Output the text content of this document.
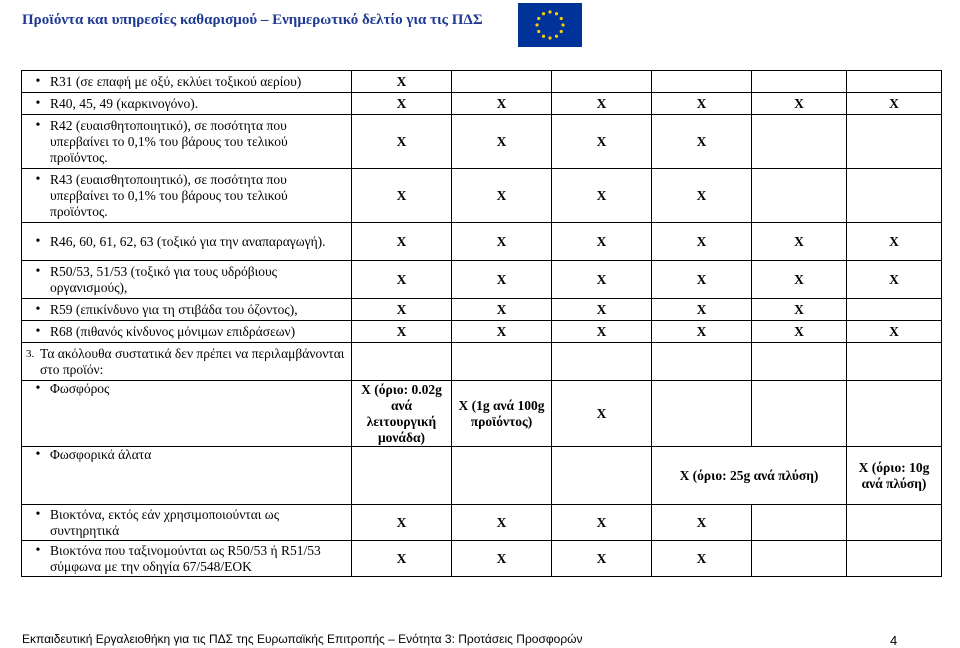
Προϊόντα και υπηρεσίες καθαρισμού – Ενημερωτικό δελτίο για τις ΠΔΣ
• R31 (σε επαφή με οξύ, εκλύει τοξικού αερίου)	X					

• R40, 45, 49 (καρκινογόνο).	X	X	X	X	X	X

• R42 (ευαισθητοποιητικό), σε ποσότητα που υπερβαίνει το 0,1% του βάρους του τελικού προϊόντος.	X	X	X	X		

• R43 (ευαισθητοποιητικό), σε ποσότητα που υπερβαίνει το 0,1% του βάρους του τελικού προϊόντος.	X	X	X	X		

• R46, 60, 61, 62, 63 (τοξικό για την αναπαραγωγή).	X	X	X	X	X	X

• R50/53, 51/53 (τοξικό για τους υδρόβιους οργανισμούς),	X	X	X	X	X	X

• R59 (επικίνδυνο για τη στιβάδα του όζοντος),	X	X	X	X	X	

• R68 (πιθανός κίνδυνος μόνιμων επιδράσεων)	X	X	X	X	X	X

3. Τα ακόλουθα συστατικά δεν πρέπει να περιλαμβάνονται στο προϊόν:						

• Φωσφόρος	X (όριο: 0.02g ανά λειτουργική μονάδα)	X (1g ανά 100g προϊόντος)	X			

• Φωσφορικά άλατα				X (όριο: 25g ανά πλύση)		X (όριο: 10g ανά πλύση)

• Βιοκτόνα, εκτός εάν χρησιμοποιούνται ως συντηρητικά	X	X	X	X		

• Βιοκτόνα που ταξινομούνται ως R50/53 ή R51/53 σύμφωνα με την οδηγία 67/548/ΕΟΚ	X	X	X	X		
Εκπαιδευτική Εργαλειοθήκη για τις ΠΔΣ της Ευρωπαϊκής Επιτροπής – Ενότητα 3: Προτάσεις Προσφορών	4
